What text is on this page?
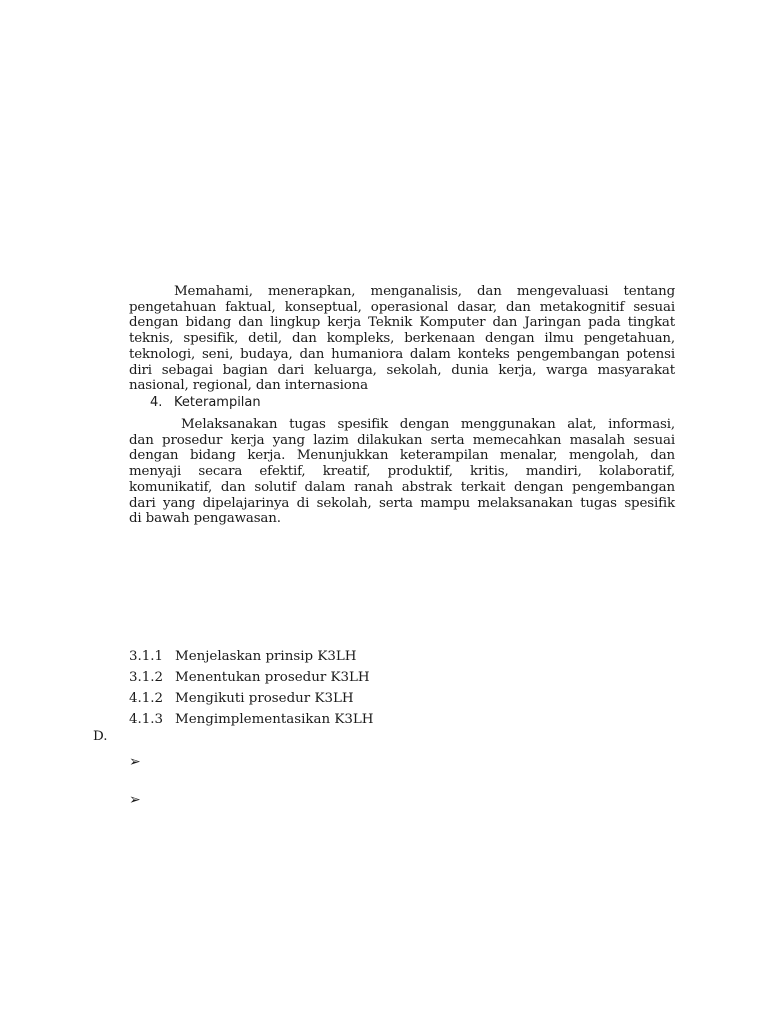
Memahami, menerapkan, menganalisis, dan mengevaluasi tentang
pengetahuan faktual, konseptual, operasional dasar, dan metakognitif sesuai
dengan bidang dan lingkup kerja Teknik Komputer dan Jaringan pada tingkat
teknis, spesifik, detil, dan kompleks, berkenaan dengan ilmu pengetahuan,
teknologi, seni, budaya, dan humaniora dalam konteks pengembangan potensi
diri sebagai bagian dari keluarga, sekolah, dunia kerja, warga masyarakat
nasional, regional, dan internasiona
4. Keterampilan
Melaksanakan tugas spesifik dengan menggunakan alat, informasi,
dan prosedur kerja yang lazim dilakukan serta memecahkan masalah sesuai
dengan bidang kerja. Menunjukkan keterampilan menalar, mengolah, dan
menyaji secara efektif, kreatif, produktif, kritis, mandiri, kolaboratif,
komunikatif, dan solutif dalam ranah abstrak terkait dengan pengembangan
dari yang dipelajarinya di sekolah, serta mampu melaksanakan tugas spesifik
di bawah pengawasan.
3.1.1 Menjelaskan prinsip K3LH
3.1.2 Menentukan prosedur K3LH
4.1.2 Mengikuti prosedur K3LH
4.1.3 Mengimplementasikan K3LH
D.
➢
➢
